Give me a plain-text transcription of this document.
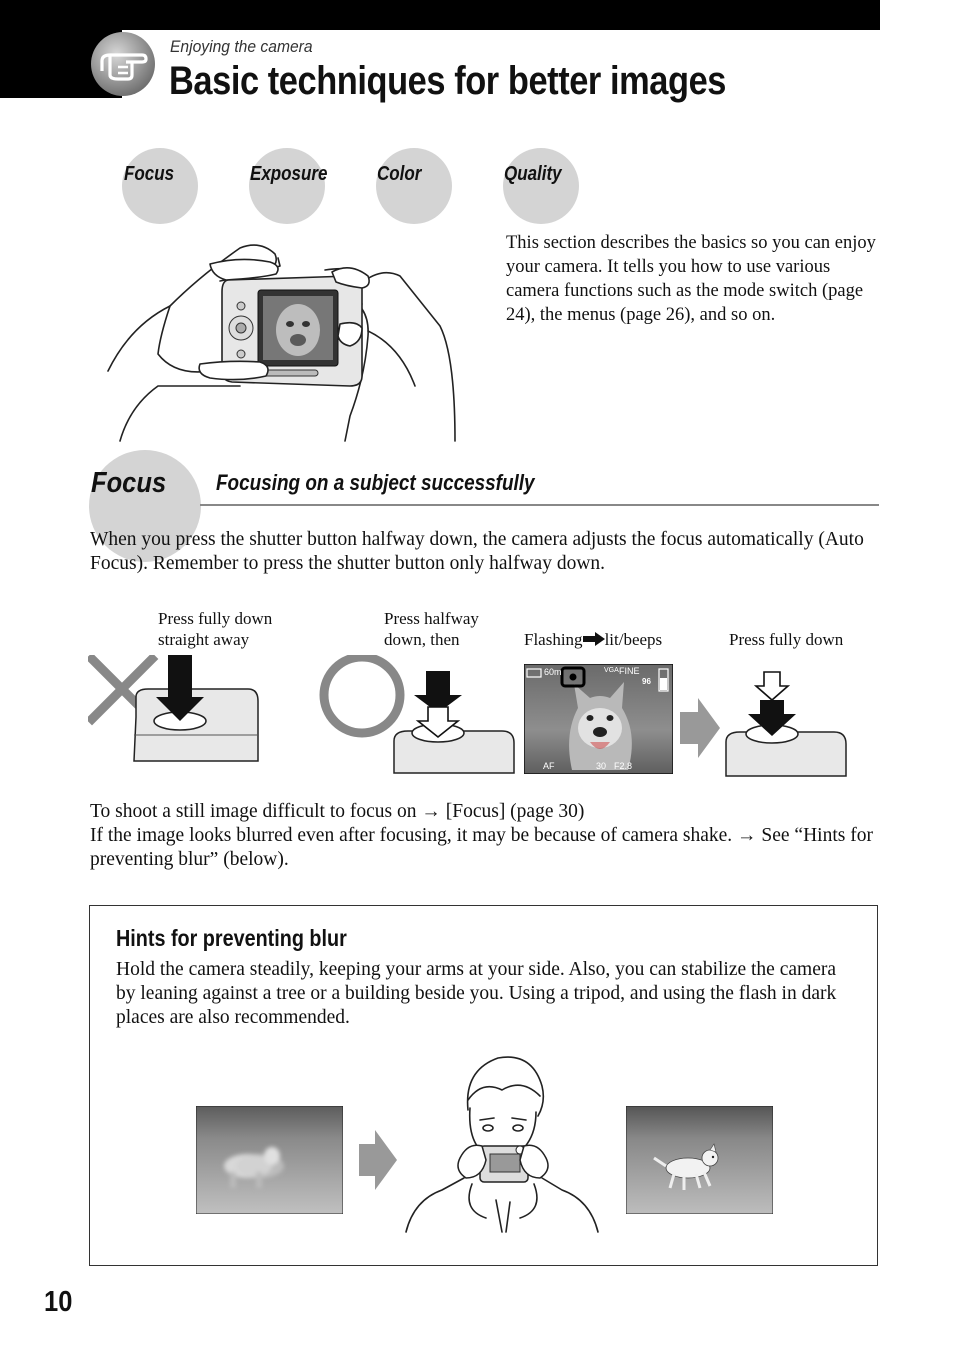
Enjoying the camera
Basic techniques for better images
Focus	Exposure Color	Quality
This section describes the basics so you can enjoy your camera. It tells you how to use various camera functions such as the mode switch (page 24), the menus (page 26), and so on.
Focus Focusing on a subject successfully
When you press the shutter button halfway down, the camera adjusts the focus automatically (Auto Focus). Remember to press the shutter button only halfway down.
Press fully down
straight away
Press halfway
down, then	Flashing lit/beeps	Press fully down
60m	VGA FINE
96
AF	30 F2.8
To shoot a still image difficult to focus on → [Focus] (page 30)
If the image looks blurred even after focusing, it may be because of camera shake. → See “Hints for preventing blur” (below).
Hints for preventing blur
Hold the camera steadily, keeping your arms at your side. Also, you can stabilize the camera by leaning against a tree or a building beside you. Using a tripod, and using the flash in dark places are also recommended.
10
